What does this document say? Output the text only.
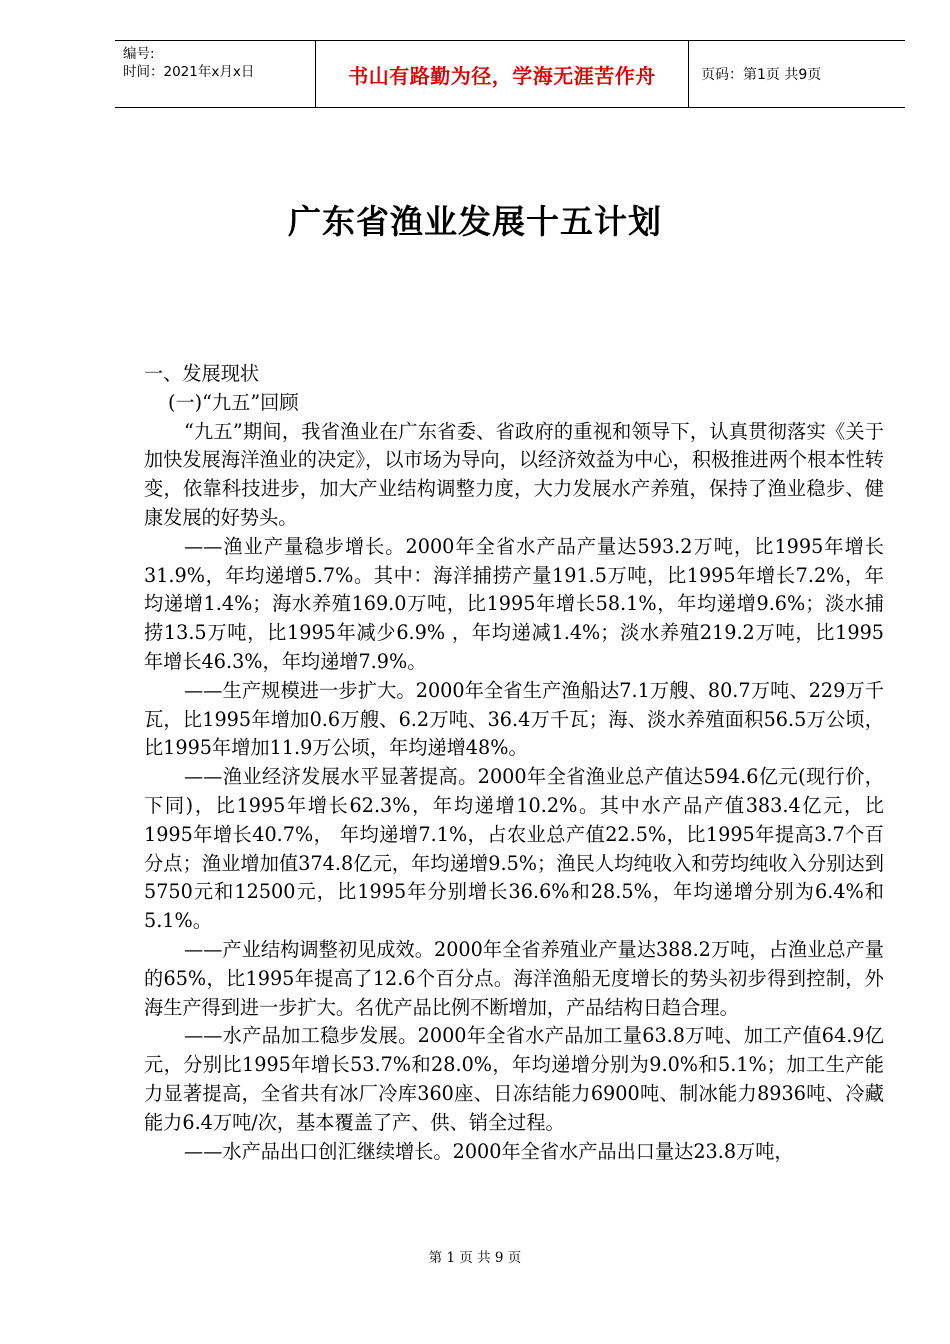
编号:
时间：2021年x月x日	书山有路勤为径，学海无涯苦作舟	页码：第1页 共9页
广东省渔业发展十五计划

一、发展现状

(一)“九五”回顾

“九五”期间，我省渔业在广东省委、省政府的重视和领导下，认真贯彻落实《关于加快发展海洋渔业的决定》，以市场为导向，以经济效益为中心，积极推进两个根本性转变，依靠科技进步，加大产业结构调整力度，大力发展水产养殖，保持了渔业稳步、健康发展的好势头。

——渔业产量稳步增长。2000年全省水产品产量达593.2万吨，比1995年增长31.9%，年均递增5.7%。其中：海洋捕捞产量191.5万吨，比1995年增长7.2%，年均递增1.4%；海水养殖169.0万吨，比1995年增长58.1%，年均递增9.6%；淡水捕捞13.5万吨，比1995年减少6.9% ，年均递减1.4%；淡水养殖219.2万吨，比1995年增长46.3%，年均递增7.9%。

——生产规模进一步扩大。2000年全省生产渔船达7.1万艘、80.7万吨、229万千瓦，比1995年增加0.6万艘、6.2万吨、36.4万千瓦；海、淡水养殖面积56.5万公顷，比1995年增加11.9万公顷，年均递增48%。

——渔业经济发展水平显著提高。2000年全省渔业总产值达594.6亿元(现行价，下同)，比1995年增长62.3%，年均递增10.2%。其中水产品产值383.4亿元，比1995年增长40.7%， 年均递增7.1%，占农业总产值22.5%，比1995年提高3.7个百分点；渔业增加值374.8亿元，年均递增9.5%；渔民人均纯收入和劳均纯收入分别达到5750元和12500元，比1995年分别增长36.6%和28.5%，年均递增分别为6.4%和5.1%。

——产业结构调整初见成效。2000年全省养殖业产量达388.2万吨，占渔业总产量的65%，比1995年提高了12.6个百分点。海洋渔船无度增长的势头初步得到控制，外海生产得到进一步扩大。名优产品比例不断增加，产品结构日趋合理。

——水产品加工稳步发展。2000年全省水产品加工量63.8万吨、加工产值64.9亿元，分别比1995年增长53.7%和28.0%，年均递增分别为9.0%和5.1%；加工生产能力显著提高，全省共有冰厂冷库360座、日冻结能力6900吨、制冰能力8936吨、冷藏能力6.4万吨/次，基本覆盖了产、供、销全过程。

——水产品出口创汇继续增长。2000年全省水产品出口量达23.8万吨，

第 1 页 共 9 页
